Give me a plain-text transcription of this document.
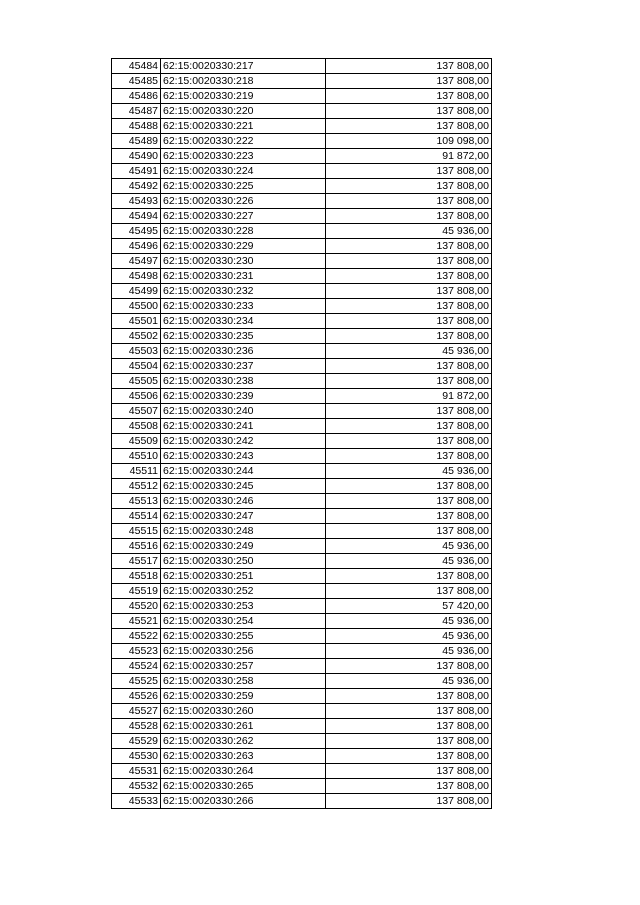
45484	62:15:0020330:217	137 808,00
45485	62:15:0020330:218	137 808,00
45486	62:15:0020330:219	137 808,00
45487	62:15:0020330:220	137 808,00
45488	62:15:0020330:221	137 808,00
45489	62:15:0020330:222	109 098,00
45490	62:15:0020330:223	91 872,00
45491	62:15:0020330:224	137 808,00
45492	62:15:0020330:225	137 808,00
45493	62:15:0020330:226	137 808,00
45494	62:15:0020330:227	137 808,00
45495	62:15:0020330:228	45 936,00
45496	62:15:0020330:229	137 808,00
45497	62:15:0020330:230	137 808,00
45498	62:15:0020330:231	137 808,00
45499	62:15:0020330:232	137 808,00
45500	62:15:0020330:233	137 808,00
45501	62:15:0020330:234	137 808,00
45502	62:15:0020330:235	137 808,00
45503	62:15:0020330:236	45 936,00
45504	62:15:0020330:237	137 808,00
45505	62:15:0020330:238	137 808,00
45506	62:15:0020330:239	91 872,00
45507	62:15:0020330:240	137 808,00
45508	62:15:0020330:241	137 808,00
45509	62:15:0020330:242	137 808,00
45510	62:15:0020330:243	137 808,00
45511	62:15:0020330:244	45 936,00
45512	62:15:0020330:245	137 808,00
45513	62:15:0020330:246	137 808,00
45514	62:15:0020330:247	137 808,00
45515	62:15:0020330:248	137 808,00
45516	62:15:0020330:249	45 936,00
45517	62:15:0020330:250	45 936,00
45518	62:15:0020330:251	137 808,00
45519	62:15:0020330:252	137 808,00
45520	62:15:0020330:253	57 420,00
45521	62:15:0020330:254	45 936,00
45522	62:15:0020330:255	45 936,00
45523	62:15:0020330:256	45 936,00
45524	62:15:0020330:257	137 808,00
45525	62:15:0020330:258	45 936,00
45526	62:15:0020330:259	137 808,00
45527	62:15:0020330:260	137 808,00
45528	62:15:0020330:261	137 808,00
45529	62:15:0020330:262	137 808,00
45530	62:15:0020330:263	137 808,00
45531	62:15:0020330:264	137 808,00
45532	62:15:0020330:265	137 808,00
45533	62:15:0020330:266	137 808,00
